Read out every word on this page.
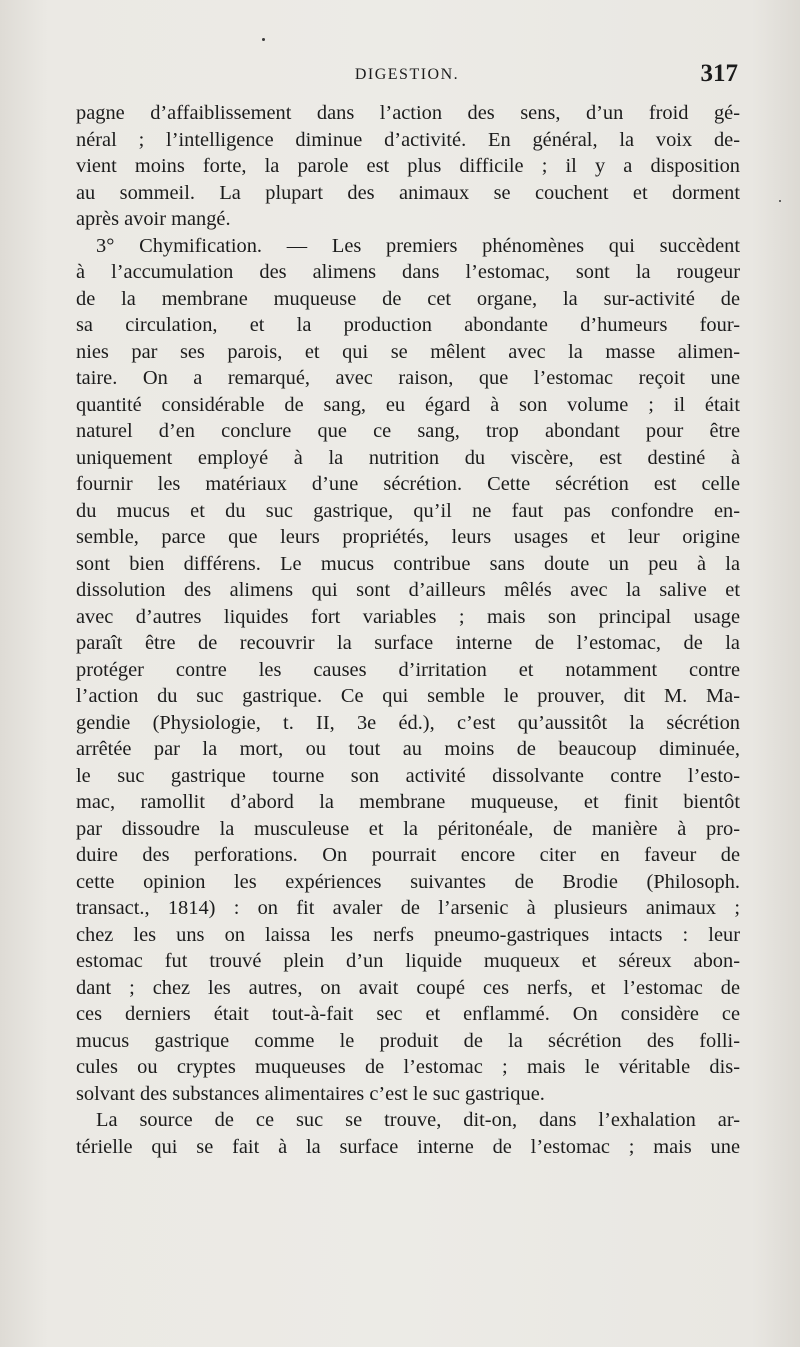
DIGESTION.	317
pagne d’affaiblissement dans l’action des sens, d’un froid gé-
néral ; l’intelligence diminue d’activité. En général, la voix de-
vient moins forte, la parole est plus difficile ; il y a disposition
au sommeil. La plupart des animaux se couchent et dorment
après avoir mangé.
3° Chymification. — Les premiers phénomènes qui succèdent
à l’accumulation des alimens dans l’estomac, sont la rougeur
de la membrane muqueuse de cet organe, la sur-activité de
sa circulation, et la production abondante d’humeurs four-
nies par ses parois, et qui se mêlent avec la masse alimen-
taire. On a remarqué, avec raison, que l’estomac reçoit une
quantité considérable de sang, eu égard à son volume ; il était
naturel d’en conclure que ce sang, trop abondant pour être
uniquement employé à la nutrition du viscère, est destiné à
fournir les matériaux d’une sécrétion. Cette sécrétion est celle
du mucus et du suc gastrique, qu’il ne faut pas confondre en-
semble, parce que leurs propriétés, leurs usages et leur origine
sont bien différens. Le mucus contribue sans doute un peu à la
dissolution des alimens qui sont d’ailleurs mêlés avec la salive et
avec d’autres liquides fort variables ; mais son principal usage
paraît être de recouvrir la surface interne de l’estomac, de la
protéger contre les causes d’irritation et notamment contre
l’action du suc gastrique. Ce qui semble le prouver, dit M. Ma-
gendie (Physiologie, t. II, 3e éd.), c’est qu’aussitôt la sécrétion
arrêtée par la mort, ou tout au moins de beaucoup diminuée,
le suc gastrique tourne son activité dissolvante contre l’esto-
mac, ramollit d’abord la membrane muqueuse, et finit bientôt
par dissoudre la musculeuse et la péritonéale, de manière à pro-
duire des perforations. On pourrait encore citer en faveur de
cette opinion les expériences suivantes de Brodie (Philosoph.
transact., 1814) : on fit avaler de l’arsenic à plusieurs animaux ;
chez les uns on laissa les nerfs pneumo-gastriques intacts : leur
estomac fut trouvé plein d’un liquide muqueux et séreux abon-
dant ; chez les autres, on avait coupé ces nerfs, et l’estomac de
ces derniers était tout-à-fait sec et enflammé. On considère ce
mucus gastrique comme le produit de la sécrétion des folli-
cules ou cryptes muqueuses de l’estomac ; mais le véritable dis-
solvant des substances alimentaires c’est le suc gastrique.
La source de ce suc se trouve, dit-on, dans l’exhalation ar-
térielle qui se fait à la surface interne de l’estomac ; mais une
